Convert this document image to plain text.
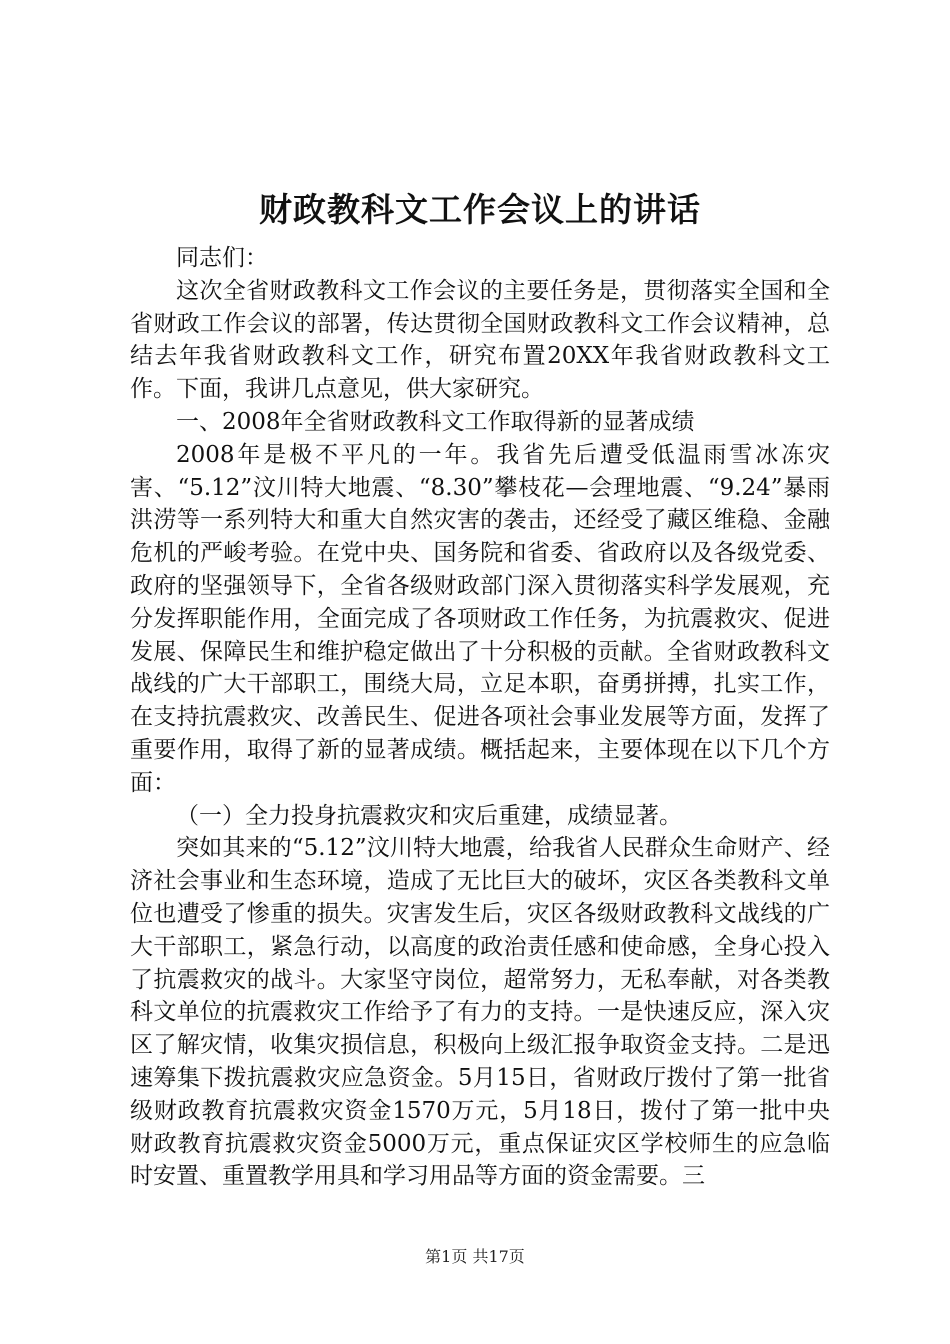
财政教科文工作会议上的讲话

同志们：

这次全省财政教科文工作会议的主要任务是，贯彻落实全国和全省财政工作会议的部署，传达贯彻全国财政教科文工作会议精神，总结去年我省财政教科文工作，研究布置20XX年我省财政教科文工作。下面，我讲几点意见，供大家研究。

一、2008年全省财政教科文工作取得新的显著成绩

2008年是极不平凡的一年。我省先后遭受低温雨雪冰冻灾害、“5.12”汶川特大地震、“8.30”攀枝花—会理地震、“9.24”暴雨洪涝等一系列特大和重大自然灾害的袭击，还经受了藏区维稳、金融危机的严峻考验。在党中央、国务院和省委、省政府以及各级党委、政府的坚强领导下，全省各级财政部门深入贯彻落实科学发展观，充分发挥职能作用，全面完成了各项财政工作任务，为抗震救灾、促进发展、保障民生和维护稳定做出了十分积极的贡献。全省财政教科文战线的广大干部职工，围绕大局，立足本职，奋勇拼搏，扎实工作，在支持抗震救灾、改善民生、促进各项社会事业发展等方面，发挥了重要作用，取得了新的显著成绩。概括起来，主要体现在以下几个方面：

（一）全力投身抗震救灾和灾后重建，成绩显著。

突如其来的“5.12”汶川特大地震，给我省人民群众生命财产、经济社会事业和生态环境，造成了无比巨大的破坏，灾区各类教科文单位也遭受了惨重的损失。灾害发生后，灾区各级财政教科文战线的广大干部职工，紧急行动，以高度的政治责任感和使命感，全身心投入了抗震救灾的战斗。大家坚守岗位，超常努力，无私奉献，对各类教科文单位的抗震救灾工作给予了有力的支持。一是快速反应，深入灾区了解灾情，收集灾损信息，积极向上级汇报争取资金支持。二是迅速筹集下拨抗震救灾应急资金。5月15日，省财政厅拨付了第一批省级财政教育抗震救灾资金1570万元，5月18日，拨付了第一批中央财政教育抗震救灾资金5000万元，重点保证灾区学校师生的应急临时安置、重置教学用具和学习用品等方面的资金需要。三

第1页 共17页
